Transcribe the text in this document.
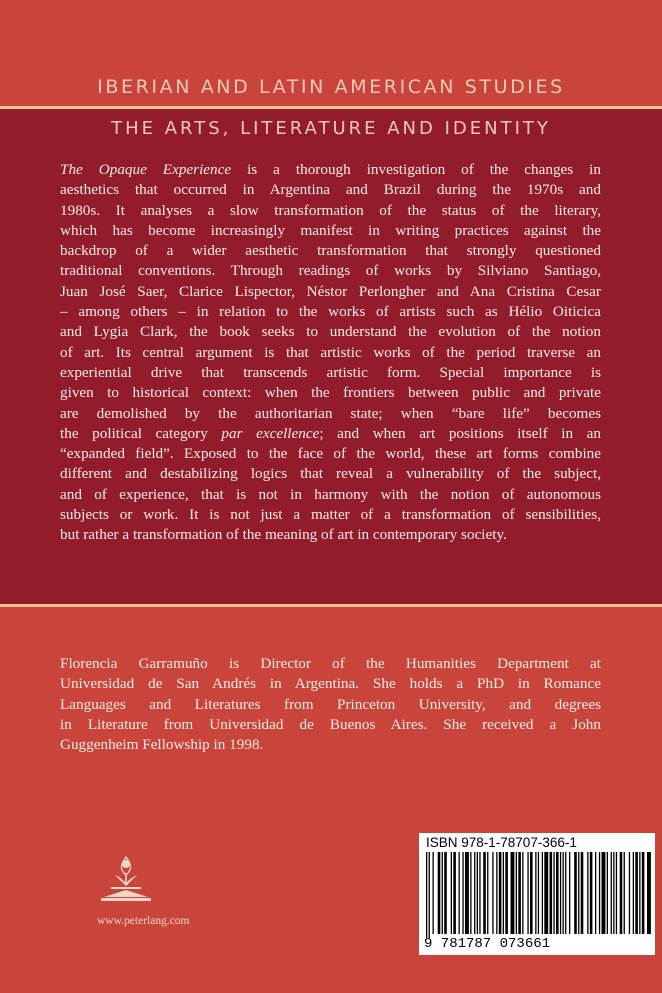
IBERIAN AND LATIN AMERICAN STUDIES
THE ARTS, LITERATURE AND IDENTITY
The Opaque Experience is a thorough investigation of the changes in
aesthetics that occurred in Argentina and Brazil during the 1970s and
1980s. It analyses a slow transformation of the status of the literary,
which has become increasingly manifest in writing practices against the
backdrop of a wider aesthetic transformation that strongly questioned
traditional conventions. Through readings of works by Silviano Santiago,
Juan José Saer, Clarice Lispector, Néstor Perlongher and Ana Cristina Cesar
– among others – in relation to the works of artists such as Hélio Oiticica
and Lygia Clark, the book seeks to understand the evolution of the notion
of art. Its central argument is that artistic works of the period traverse an
experiential drive that transcends artistic form. Special importance is
given to historical context: when the frontiers between public and private
are demolished by the authoritarian state; when “bare life” becomes
the political category par excellence; and when art positions itself in an
“expanded field”. Exposed to the face of the world, these art forms combine
different and destabilizing logics that reveal a vulnerability of the subject,
and of experience, that is not in harmony with the notion of autonomous
subjects or work. It is not just a matter of a transformation of sensibilities,
but rather a transformation of the meaning of art in contemporary society.
Florencia Garramuño is Director of the Humanities Department at
Universidad de San Andrés in Argentina. She holds a PhD in Romance
Languages and Literatures from Princeton University, and degrees
in Literature from Universidad de Buenos Aires. She received a John
Guggenheim Fellowship in 1998.
www.peterlang.com
ISBN 978-1-78707-366-1
9 781787 073661
